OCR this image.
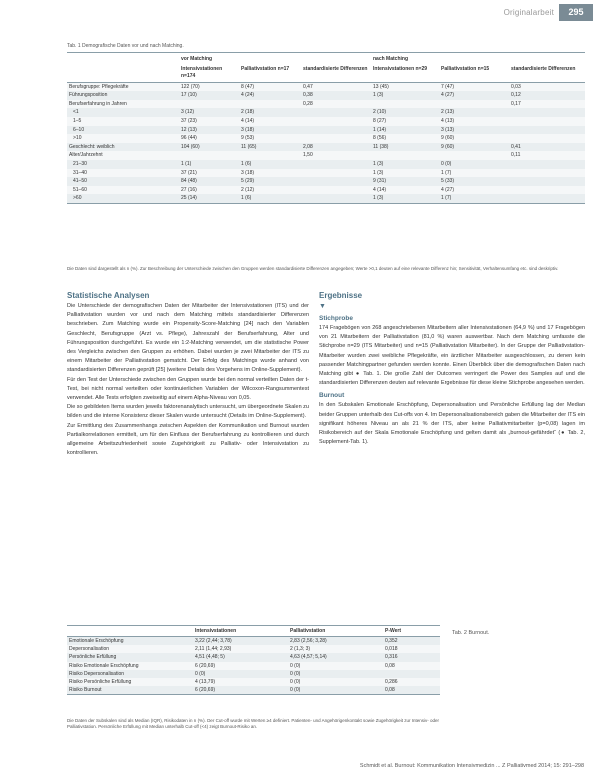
Originalarbeit	295
Tab. 1 Demografische Daten vor und nach Matching.
	vor Matching			nach Matching		
	Intensivstationen n=174	Palliativstation n=17	standardisierte Differenzen	Intensivstationen n=29	Palliativstation n=15	standardisierte Differenzen
Berufsgruppe: Pflegekräfte	122 (70)	8 (47)	0,47	13 (45)	7 (47)	0,03
Führungsposition	17 (10)	4 (24)	0,38	1 (3)	4 (27)	0,12
Berufserfahrung in Jahren			0,28			0,17
<1	3 (12)	2 (18)		2 (10)	2 (13)	
1–5	37 (23)	4 (14)		8 (27)	4 (13)	
6–10	12 (13)	3 (18)		1 (14)	3 (13)	
>10	96 (44)	9 (53)		8 (56)	9 (60)	
Geschlecht: weiblich	104 (60)	11 (65)	2,08	11 (38)	9 (60)	0,41
Alter/Jahrzehnt			1,50			0,11
21–30	1 (1)	1 (6)		1 (3)	0 (0)	
31–40	37 (21)	3 (18)		1 (3)	1 (7)	
41–50	84 (48)	5 (29)		9 (31)	5 (33)	
51–60	27 (16)	2 (12)		4 (14)	4 (27)	
>60	25 (14)	1 (6)		1 (3)	1 (7)	
Die Daten sind dargestellt als n (%). Zur Beschreibung der Unterschiede zwischen den Gruppen werden standardisierte Differenzen angegeben; Werte >0,1 deuten auf eine relevante Differenz hin; Sensitivität, Verhaltensumfang etc. sind deskriptiv.
Statistische Analysen

Die Unterschiede der demografischen Daten der Mitarbeiter der Intensivstationen (ITS) und der Palliativstation wurden vor und nach dem Matching mittels standardisierter Differenzen beschrieben. Zum Matching wurde ein Propensity-Score-Matching [24] nach den Variablen Geschlecht, Berufsgruppe (Arzt vs. Pflege), Jahreszahl der Berufserfahrung, Alter und Führungsposition durchgeführt. Es wurde ein 1:2-Matching verwendet, um die statistische Power des Vergleichs zwischen den Gruppen zu erhöhen. Dabei wurden je zwei Mitarbeiter der ITS zu einem Mitarbeiter der Palliativstation gematcht. Der Erfolg des Matchings wurde anhand von standardisierten Differenzen geprüft [25] (weitere Details des Vorgehens im Online-Supplement).

Für den Test der Unterschiede zwischen den Gruppen wurde bei den normal verteilten Daten der t-Test, bei nicht normal verteilten oder kontinuierlichen Variablen der Wilcoxon-Rangsummentest verwendet. Alle Tests erfolgten zweiseitig auf einem Alpha-Niveau von 0,05.

Die so gebildeten Items wurden jeweils faktorenanalytisch untersucht, um übergeordnete Skalen zu bilden und die interne Konsistenz dieser Skalen wurde untersucht (Details im Online-Supplement).

Zur Ermittlung des Zusammenhangs zwischen Aspekten der Kommunikation und Burnout wurden Partialkorrelationen ermittelt, um für den Einfluss der Berufserfahrung zu kontrollieren und durch allgemeine Arbeitszufriedenheit sowie Zugehörigkeit zu Palliativ- oder Intensivstation zu kontrollieren.

Ergebnisse
▼
Stichprobe

174 Fragebögen von 268 angeschriebenen Mitarbeitern aller Intensivstationen (64,9 %) und 17 Fragebögen von 21 Mitarbeitern der Palliativstation (81,0 %) waren auswertbar. Nach dem Matching umfasste die Stichprobe n=29 (ITS Mitarbeiter) und n=15 (Palliativstation Mitarbeiter). In der Gruppe der Palliativstation-Mitarbeiter wurden zwei weibliche Pflegekräfte, ein ärztlicher Mitarbeiter ausgeschlossen, zu denen kein passender Matchingpartner gefunden werden konnte. Einen Überblick über die demografischen Daten nach Matching gibt ● Tab. 1. Die große Zahl der Outcomes verringert die Power des Samples auf und die standardisierten Differenzen deuten auf relevante Ergebnisse für diese kleine Stichprobe angesehen werden.

Burnout

In den Subskalen Emotionale Erschöpfung, Depersonalisation und Persönliche Erfüllung lag der Median beider Gruppen unterhalb des Cut-offs von 4. Im Depersonalisationsbereich gaben die Mitarbeiter der ITS ein signifikant höheres Niveau an als 21 % der ITS, aber keine Palliativmitarbeiter (p=0,08) lagen im Risikobereich auf der Skala Emotionale Erschöpfung und gelten damit als „burnout-gefährdet“ (● Tab. 2, Supplement-Tab. 1).

	Intensivstationen	Palliativstation	P-Wert
Emotionale Erschöpfung	3,22 (2,44; 3,78)	2,83 (2,56; 3,28)	0,352
Depersonalisation	2,11 (1,44; 2,93)	2 (1,3; 3)	0,018
Persönliche Erfüllung	4,51 (4,48; 5)	4,63 (4,57; 5,14)	0,316
Risiko Emotionale Erschöpfung	6 (20,69)	0 (0)	0,08
Risiko Depersonalisation	0 (0)	0 (0)	
Risiko Persönliche Erfüllung	4 (13,79)	0 (0)	0,286
Risiko Burnout	6 (20,69)	0 (0)	0,08
Tab. 2 Burnout.
Die Daten der Subskalen sind als Median (IQR), Risikodaten in n (%). Der Cut-off wurde mit Werten ≥4 definiert. Patienten- und Angehörigenkontakt sowie Zugehörigkeit zur Intensiv- oder Palliativstation. Persönliche Erfüllung mit Median unterhalb Cut-off (<4) zeigt Burnout-Risiko an.
Schmidt et al. Burnout: Kommunikation Intensivmedizin ... Z Palliativmed 2014; 15: 291–298
